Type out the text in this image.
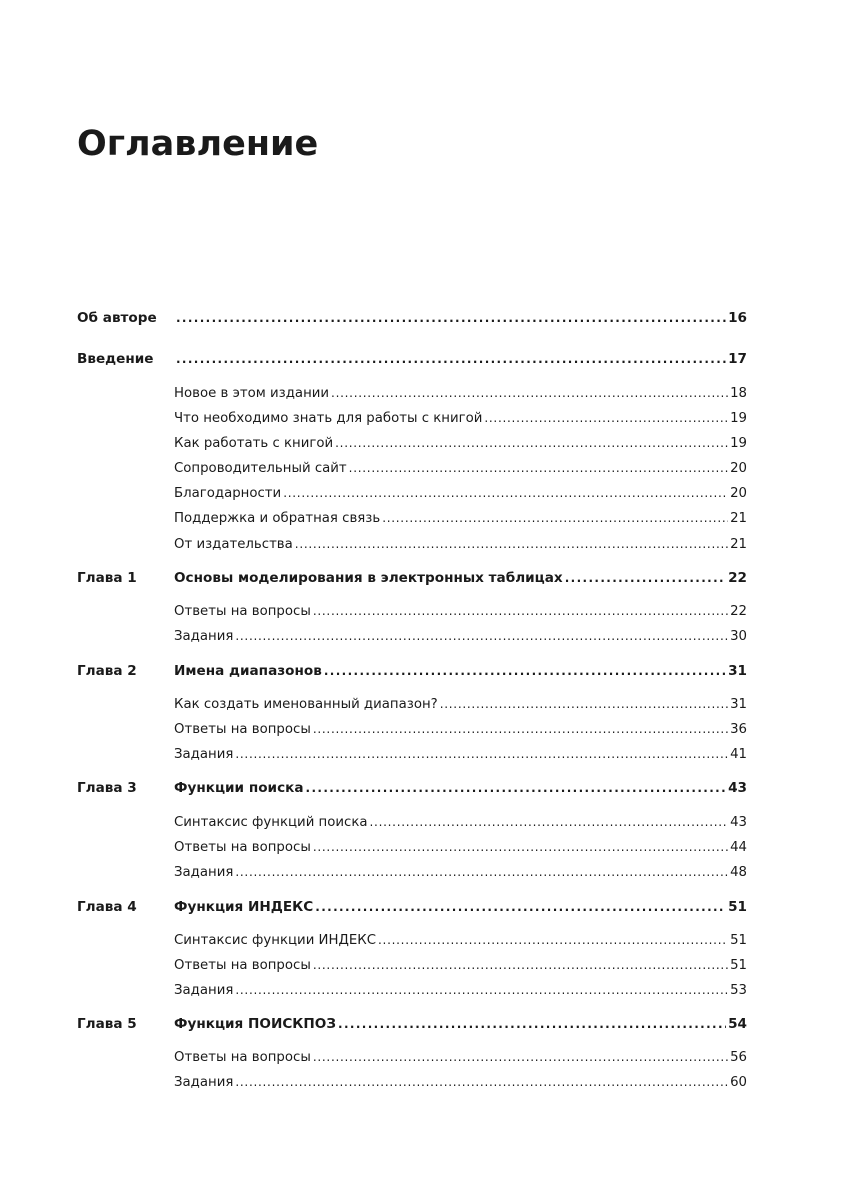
Оглавление
Об авторе . . .	16
Введение . . .	17
Новое в этом издании . . .	18
Что необходимо знать для работы с книгой . . .	19
Как работать с книгой . . .	19
Сопроводительный сайт . . .	20
Благодарности . . .	20
Поддержка и обратная связь . . .	21
От издательства . . .	21
Глава 1	Основы моделирования в электронных таблицах . . .	22
Ответы на вопросы . . .	22
Задания . . .	30
Глава 2	Имена диапазонов . . .	31
Как создать именованный диапазон? . . .	31
Ответы на вопросы . . .	36
Задания . . .	41
Глава 3	Функции поиска . . .	43
Синтаксис функций поиска . . .	43
Ответы на вопросы . . .	44
Задания . . .	48
Глава 4	Функция ИНДЕКС . . .	51
Синтаксис функции ИНДЕКС . . .	51
Ответы на вопросы . . .	51
Задания . . .	53
Глава 5	Функция ПОИСКПОЗ . . .	54
Ответы на вопросы . . .	56
Задания . . .	60
